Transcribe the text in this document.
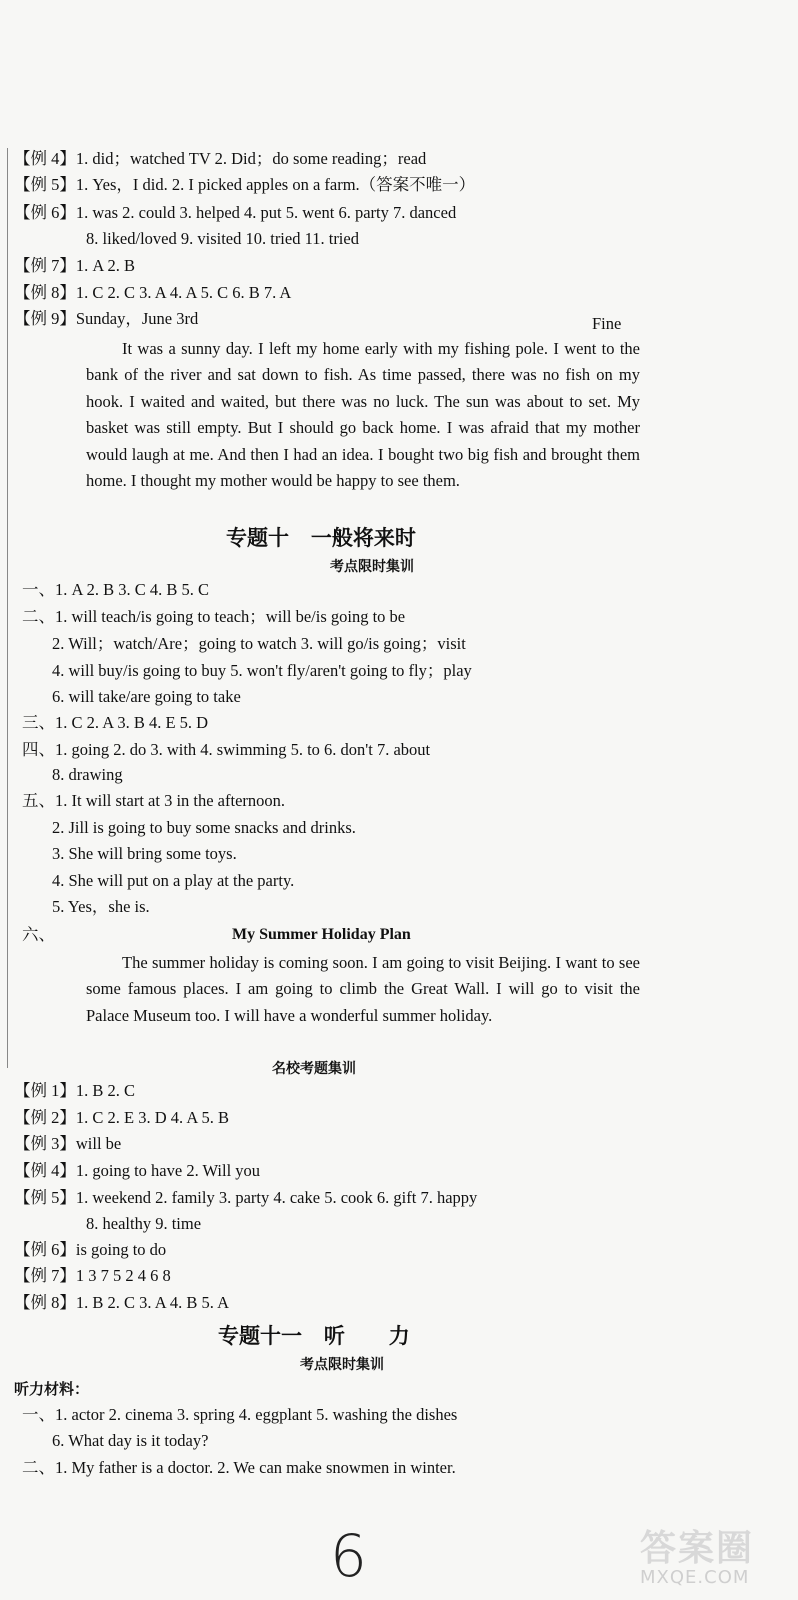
【例 4】1. did；watched TV 2. Did；do some reading；read
【例 5】1. Yes，I did. 2. I picked apples on a farm.（答案不唯一）
【例 6】1. was 2. could 3. helped 4. put 5. went 6. party 7. danced
8. liked/loved 9. visited 10. tried 11. tried
【例 7】1. A 2. B
【例 8】1. C 2. C 3. A 4. A 5. C 6. B 7. A
【例 9】Sunday，June 3rd	Fine

It was a sunny day. I left my home early with my fishing pole. I went to the bank of the river and sat down to fish. As time passed, there was no fish on my hook. I waited and waited, but there was no luck. The sun was about to set. My basket was still empty. But I should go back home. I was afraid that my mother would laugh at me. And then I had an idea. I bought two big fish and brought them home. I thought my mother would be happy to see them.

专题十   一般将来时
考点限时集训
一、1. A 2. B 3. C 4. B 5. C
二、1. will teach/is going to teach；will be/is going to be
2. Will；watch/Are；going to watch 3. will go/is going；visit
4. will buy/is going to buy 5. won't fly/aren't going to fly；play
6. will take/are going to take
三、1. C 2. A 3. B 4. E 5. D
四、1. going 2. do 3. with 4. swimming 5. to 6. don't 7. about
8. drawing
五、1. It will start at 3 in the afternoon.
2. Jill is going to buy some snacks and drinks.
3. She will bring some toys.
4. She will put on a play at the party.
5. Yes，she is.
六、	My Summer Holiday Plan

The summer holiday is coming soon. I am going to visit Beijing. I want to see some famous places. I am going to climb the Great Wall. I will go to visit the Palace Museum too. I will have a wonderful summer holiday.

名校考题集训
【例 1】1. B 2. C
【例 2】1. C 2. E 3. D 4. A 5. B
【例 3】will be
【例 4】1. going to have 2. Will you
【例 5】1. weekend 2. family 3. party 4. cake 5. cook 6. gift 7. happy
8. healthy 9. time
【例 6】is going to do
【例 7】1 3 7 5 2 4 6 8
【例 8】1. B 2. C 3. A 4. B 5. A
专题十一   听      力
考点限时集训
听力材料：
一、1. actor 2. cinema 3. spring 4. eggplant 5. washing the dishes
6. What day is it today?
二、1. My father is a doctor. 2. We can make snowmen in winter.
6	答案圈
MXQE.COM
